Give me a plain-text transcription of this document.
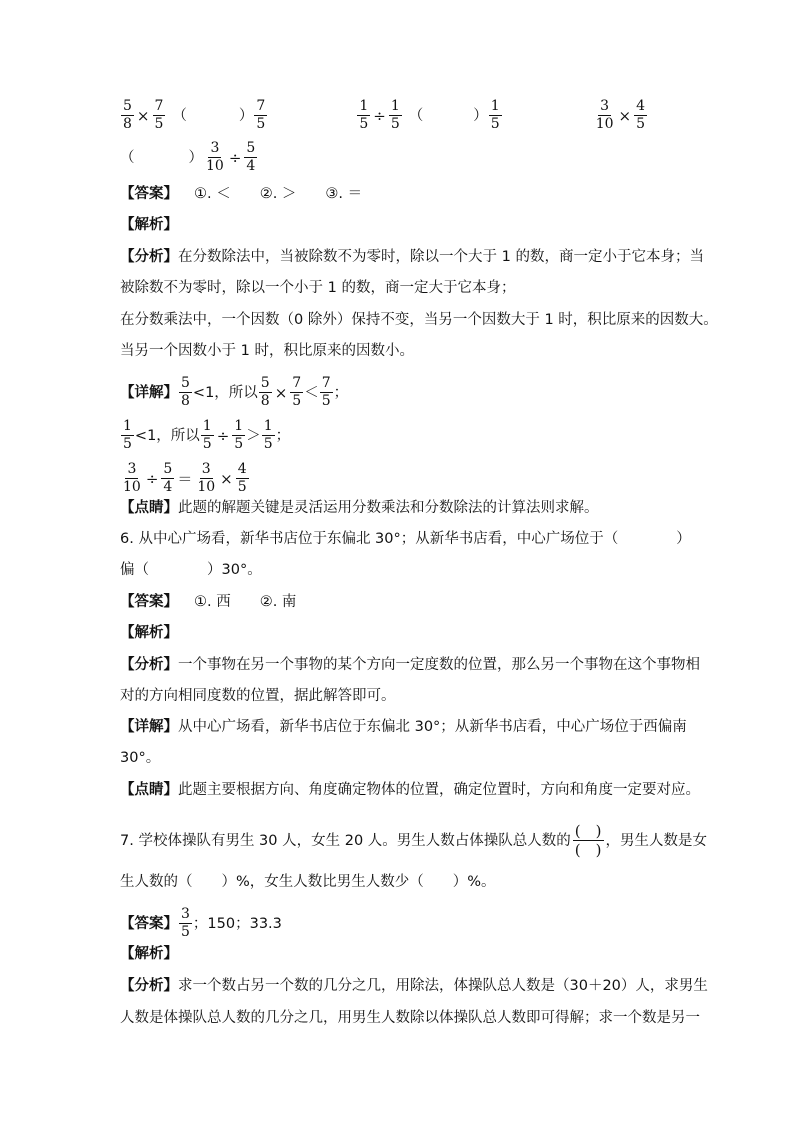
$\frac{5}{8} \times \frac{7}{5}$ （	） $\frac{7}{5}$	$\frac{1}{5} \div \frac{1}{5}$ （	） $\frac{1}{5}$	$\frac{3}{10} \times \frac{4}{5}$
（	） $\frac{3}{10} \div \frac{5}{4}$
【答案】 ①. ＜　　②. ＞　　③. ＝
【解析】
【分析】 在分数除法中，当被除数不为零时，除以一个大于 1 的数，商一定小于它本身；当
被除数不为零时，除以一个小于 1 的数，商一定大于它本身；
在分数乘法中，一个因数（0 除外）保持不变，当另一个因数大于 1 时，积比原来的因数大。
当另一个因数小于 1 时，积比原来的因数小。
【详解】 $\frac{5}{8} <1$，所以 $\frac{5}{8} \times \frac{7}{5} < \frac{7}{5}$ ；
$\frac{1}{5} <1$，所以 $\frac{1}{5} \div \frac{1}{5} > \frac{1}{5}$ ；
$\frac{3}{10} \div \frac{5}{4} = \frac{3}{10} \times \frac{4}{5}$
【点睛】 此题的解题关键是灵活运用分数乘法和分数除法的计算法则求解。
6. 从中心广场看，新华书店位于东偏北 30°；从新华书店看，中心广场位于（　　　　）
偏（　　　　）30°。
【答案】 ①. 西　　②. 南
【解析】
【分析】 一个事物在另一个事物的某个方向一定度数的位置，那么另一个事物在这个事物相
对的方向相同度数的位置，据此解答即可。
【详解】 从中心广场看，新华书店位于东偏北 30°；从新华书店看，中心广场位于西偏南
30°。
【点睛】 此题主要根据方向、角度确定物体的位置，确定位置时，方向和角度一定要对应。
7. 学校体操队有男生 30 人，女生 20 人。男生人数占体操队总人数的 $\frac{( )}{( )}$ ，男生人数是女
生人数的（　　）%，女生人数比男生人数少（　　）%。
【答案】 $\frac{3}{5}$ ；150；33.3
【解析】
【分析】 求一个数占另一个数的几分之几，用除法，体操队总人数是（30＋20）人，求男生
人数是体操队总人数的几分之几，用男生人数除以体操队总人数即可得解；求一个数是另一
